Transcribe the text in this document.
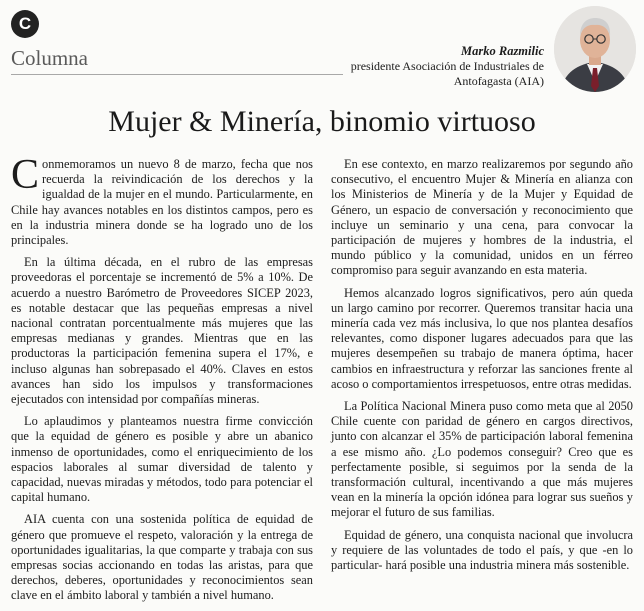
C
Columna	Marko Razmilic
presidente Asociación de Industriales de Antofagasta (AIA)
Mujer & Minería, binomio virtuoso

Conmemoramos un nuevo 8 de marzo, fecha que nos recuerda la reivindicación de los derechos y la igualdad de la mujer en el mundo. Particularmente, en Chile hay avances notables en los distintos campos, pero es en la industria minera donde se ha logrado uno de los principales.

En la última década, en el rubro de las empresas proveedoras el porcentaje se incrementó de 5% a 10%. De acuerdo a nuestro Barómetro de Proveedores SICEP 2023, es notable destacar que las pequeñas empresas a nivel nacional contratan porcentualmente más mujeres que las empresas medianas y grandes. Mientras que en las productoras la participación femenina supera el 17%, e incluso algunas han sobrepasado el 40%. Claves en estos avances han sido los impulsos y transformaciones ejecutados con intensidad por compañías mineras.

Lo aplaudimos y planteamos nuestra firme convicción que la equidad de género es posible y abre un abanico inmenso de oportunidades, como el enriquecimiento de los espacios laborales al sumar diversidad de talento y capacidad, nuevas miradas y métodos, todo para potenciar el capital humano.

AIA cuenta con una sostenida política de equidad de género que promueve el respeto, valoración y la entrega de oportunidades igualitarias, la que comparte y trabaja con sus empresas socias accionando en todas las aristas, para que derechos, deberes, oportunidades y reconocimientos sean clave en el ámbito laboral y también a nivel humano.

En ese contexto, en marzo realizaremos por segundo año consecutivo, el encuentro Mujer & Minería en alianza con los Ministerios de Minería y de la Mujer y Equidad de Género, un espacio de conversación y reconocimiento que incluye un seminario y una cena, para convocar la participación de mujeres y hombres de la industria, el mundo público y la comunidad, unidos en un férreo compromiso para seguir avanzando en esta materia.

Hemos alcanzado logros significativos, pero aún queda un largo camino por recorrer. Queremos transitar hacia una minería cada vez más inclusiva, lo que nos plantea desafíos relevantes, como disponer lugares adecuados para que las mujeres desempeñen su trabajo de manera óptima, hacer cambios en infraestructura y reforzar las sanciones frente al acoso o comportamientos irrespetuosos, entre otras medidas.

La Política Nacional Minera puso como meta que al 2050 Chile cuente con paridad de género en cargos directivos, junto con alcanzar el 35% de participación laboral femenina a ese mismo año. ¿Lo podemos conseguir? Creo que es perfectamente posible, si seguimos por la senda de la transformación cultural, incentivando a que más mujeres vean en la minería la opción idónea para lograr sus sueños y mejorar el futuro de sus familias.

Equidad de género, una conquista nacional que involucra y requiere de las voluntades de todo el país, y que -en lo particular- hará posible una industria minera más sostenible.
